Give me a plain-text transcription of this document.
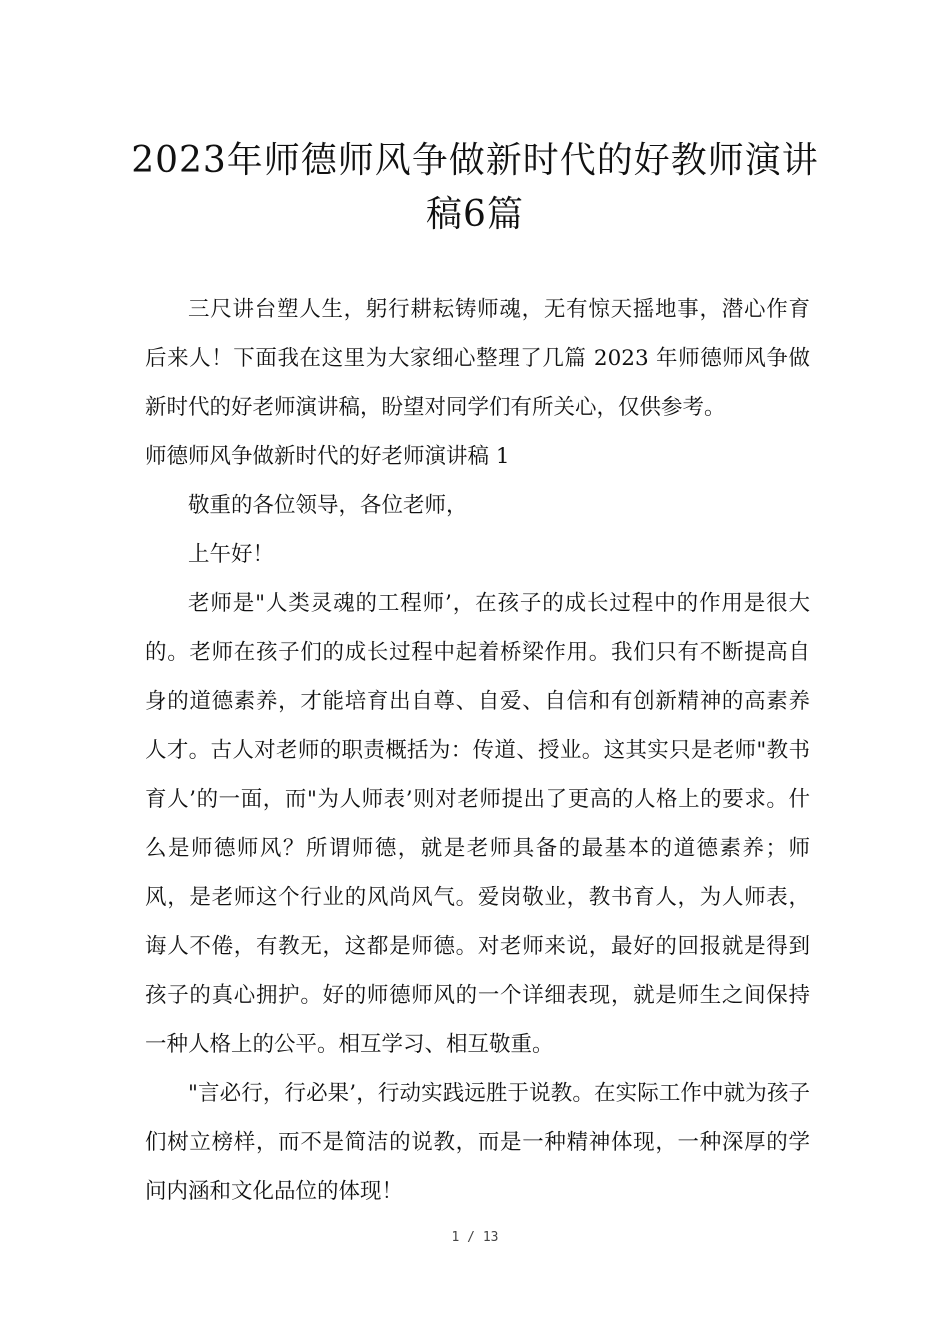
2023年师德师风争做新时代的好教师演讲
稿6篇

三尺讲台塑人生，躬行耕耘铸师魂，无有惊天摇地事，潜心作育后来人！下面我在这里为大家细心整理了几篇 2023 年师德师风争做新时代的好老师演讲稿，盼望对同学们有所关心，仅供参考。

师德师风争做新时代的好老师演讲稿 1

敬重的各位领导，各位老师，

上午好！

老师是"人类灵魂的工程师’，在孩子的成长过程中的作用是很大的。老师在孩子们的成长过程中起着桥梁作用。我们只有不断提高自身的道德素养，才能培育出自尊、自爱、自信和有创新精神的高素养人才。古人对老师的职责概括为：传道、授业。这其实只是老师"教书育人’的一面，而"为人师表’则对老师提出了更高的人格上的要求。什么是师德师风？所谓师德，就是老师具备的最基本的道德素养；师风，是老师这个行业的风尚风气。爱岗敬业，教书育人，为人师表，诲人不倦，有教无，这都是师德。对老师来说，最好的回报就是得到孩子的真心拥护。好的师德师风的一个详细表现，就是师生之间保持一种人格上的公平。相互学习、相互敬重。

"言必行，行必果’，行动实践远胜于说教。在实际工作中就为孩子们树立榜样，而不是简洁的说教，而是一种精神体现，一种深厚的学问内涵和文化品位的体现！

1 / 13
